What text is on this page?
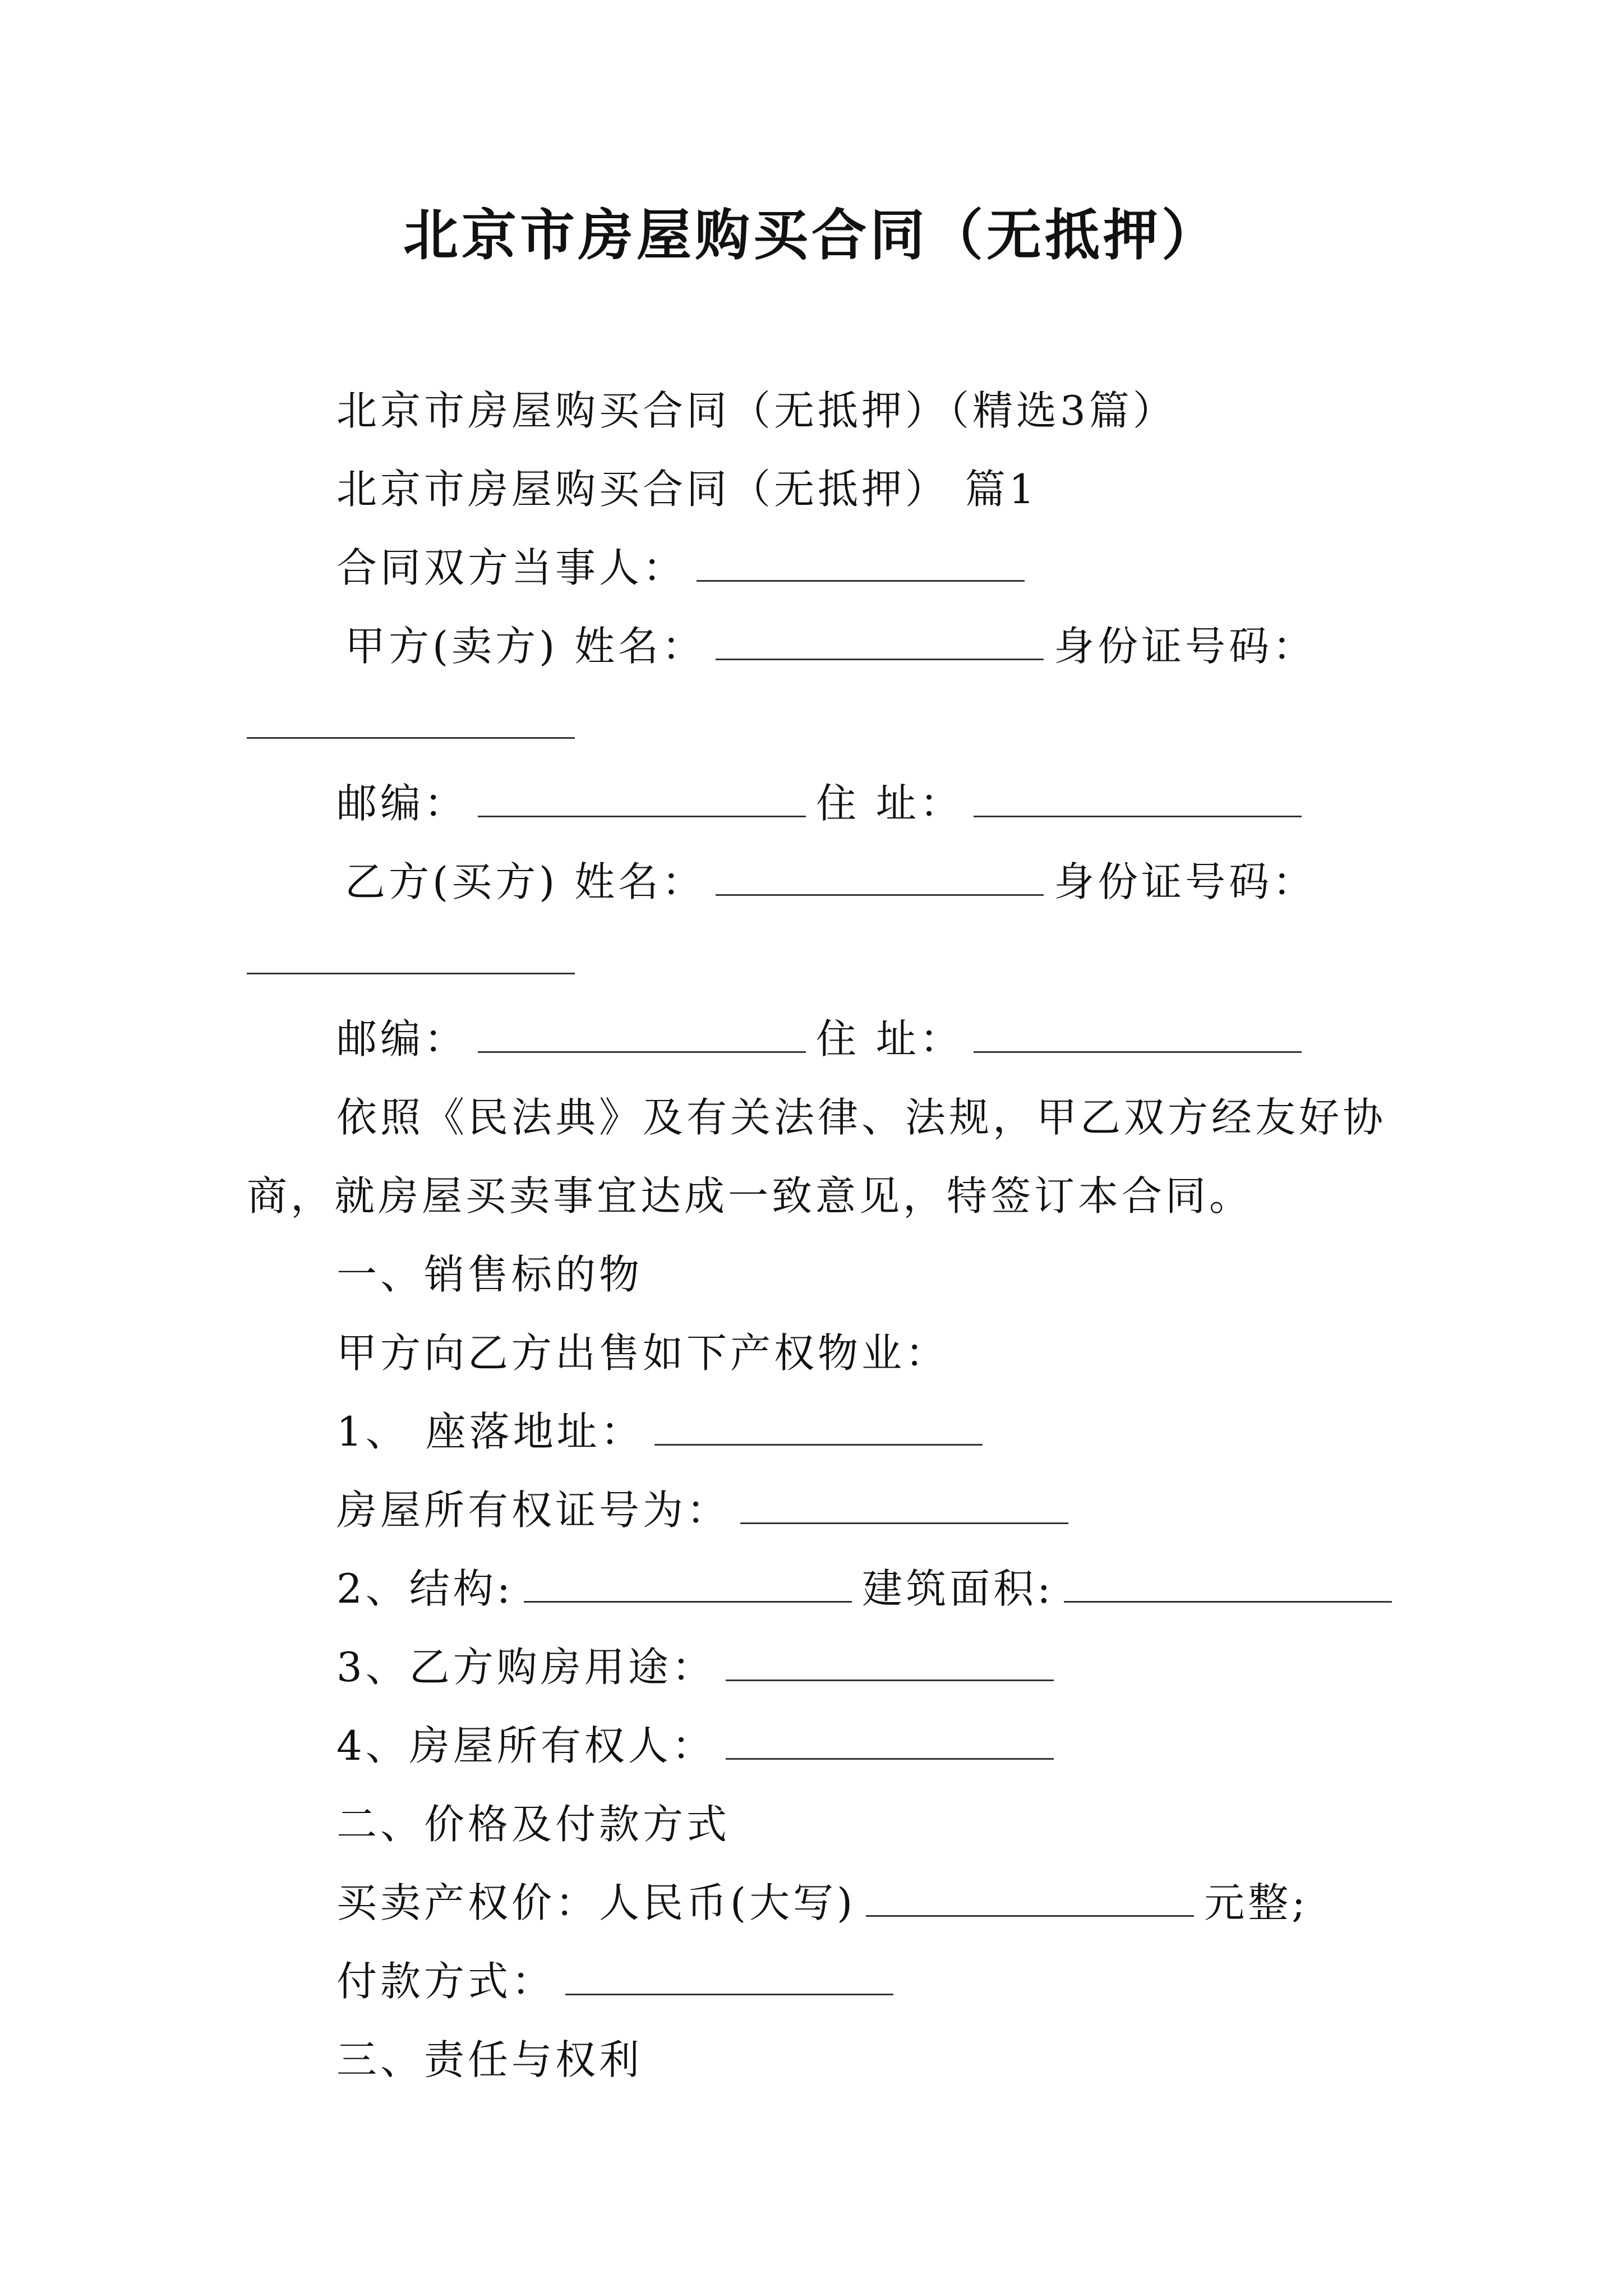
北京市房屋购买合同（无抵押）
北京市房屋购买合同（无抵押）（精选3篇）
北京市房屋购买合同（无抵押） 篇1
合同双方当事人：
甲方(卖方) 姓名：	身份证号码：
邮编：	住 址：
乙方(买方) 姓名：	身份证号码：
邮编：	住 址：
依照《民法典》及有关法律、法规，甲乙双方经友好协
商，就房屋买卖事宜达成一致意见，特签订本合同。
一、销售标的物
甲方向乙方出售如下产权物业：
1、 座落地址：
房屋所有权证号为：
2、结构:	建筑面积:
3、乙方购房用途：
4、房屋所有权人：
二、价格及付款方式
买卖产权价：人民币(大写)	元整;
付款方式：
三、责任与权利
